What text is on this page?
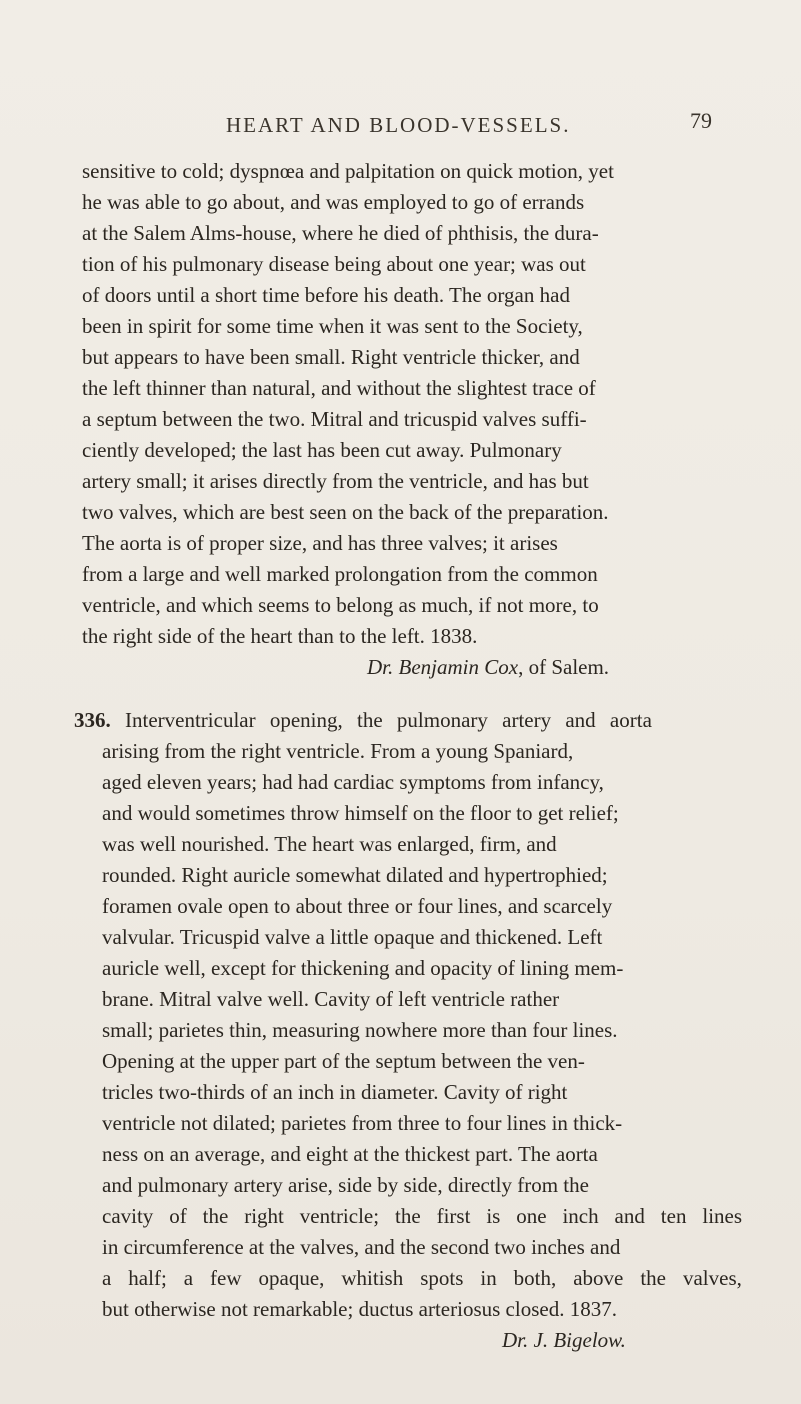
HEART AND BLOOD-VESSELS.	79
sensitive to cold; dyspnœa and palpitation on quick motion, yet
he was able to go about, and was employed to go of errands
at the Salem Alms-house, where he died of phthisis, the dura-
tion of his pulmonary disease being about one year; was out
of doors until a short time before his death. The organ had
been in spirit for some time when it was sent to the Society,
but appears to have been small. Right ventricle thicker, and
the left thinner than natural, and without the slightest trace of
a septum between the two. Mitral and tricuspid valves suffi-
ciently developed; the last has been cut away. Pulmonary
artery small; it arises directly from the ventricle, and has but
two valves, which are best seen on the back of the preparation.
The aorta is of proper size, and has three valves; it arises
from a large and well marked prolongation from the common
ventricle, and which seems to belong as much, if not more, to
the right side of the heart than to the left. 1838.
Dr. Benjamin Cox, of Salem.
336. Interventricular opening, the pulmonary artery and aorta
arising from the right ventricle. From a young Spaniard,
aged eleven years; had had cardiac symptoms from infancy,
and would sometimes throw himself on the floor to get relief;
was well nourished. The heart was enlarged, firm, and
rounded. Right auricle somewhat dilated and hypertrophied;
foramen ovale open to about three or four lines, and scarcely
valvular. Tricuspid valve a little opaque and thickened. Left
auricle well, except for thickening and opacity of lining mem-
brane. Mitral valve well. Cavity of left ventricle rather
small; parietes thin, measuring nowhere more than four lines.
Opening at the upper part of the septum between the ven-
tricles two-thirds of an inch in diameter. Cavity of right
ventricle not dilated; parietes from three to four lines in thick-
ness on an average, and eight at the thickest part. The aorta
and pulmonary artery arise, side by side, directly from the
cavity of the right ventricle; the first is one inch and ten lines
in circumference at the valves, and the second two inches and
a half; a few opaque, whitish spots in both, above the valves,
but otherwise not remarkable; ductus arteriosus closed. 1837.
Dr. J. Bigelow.
